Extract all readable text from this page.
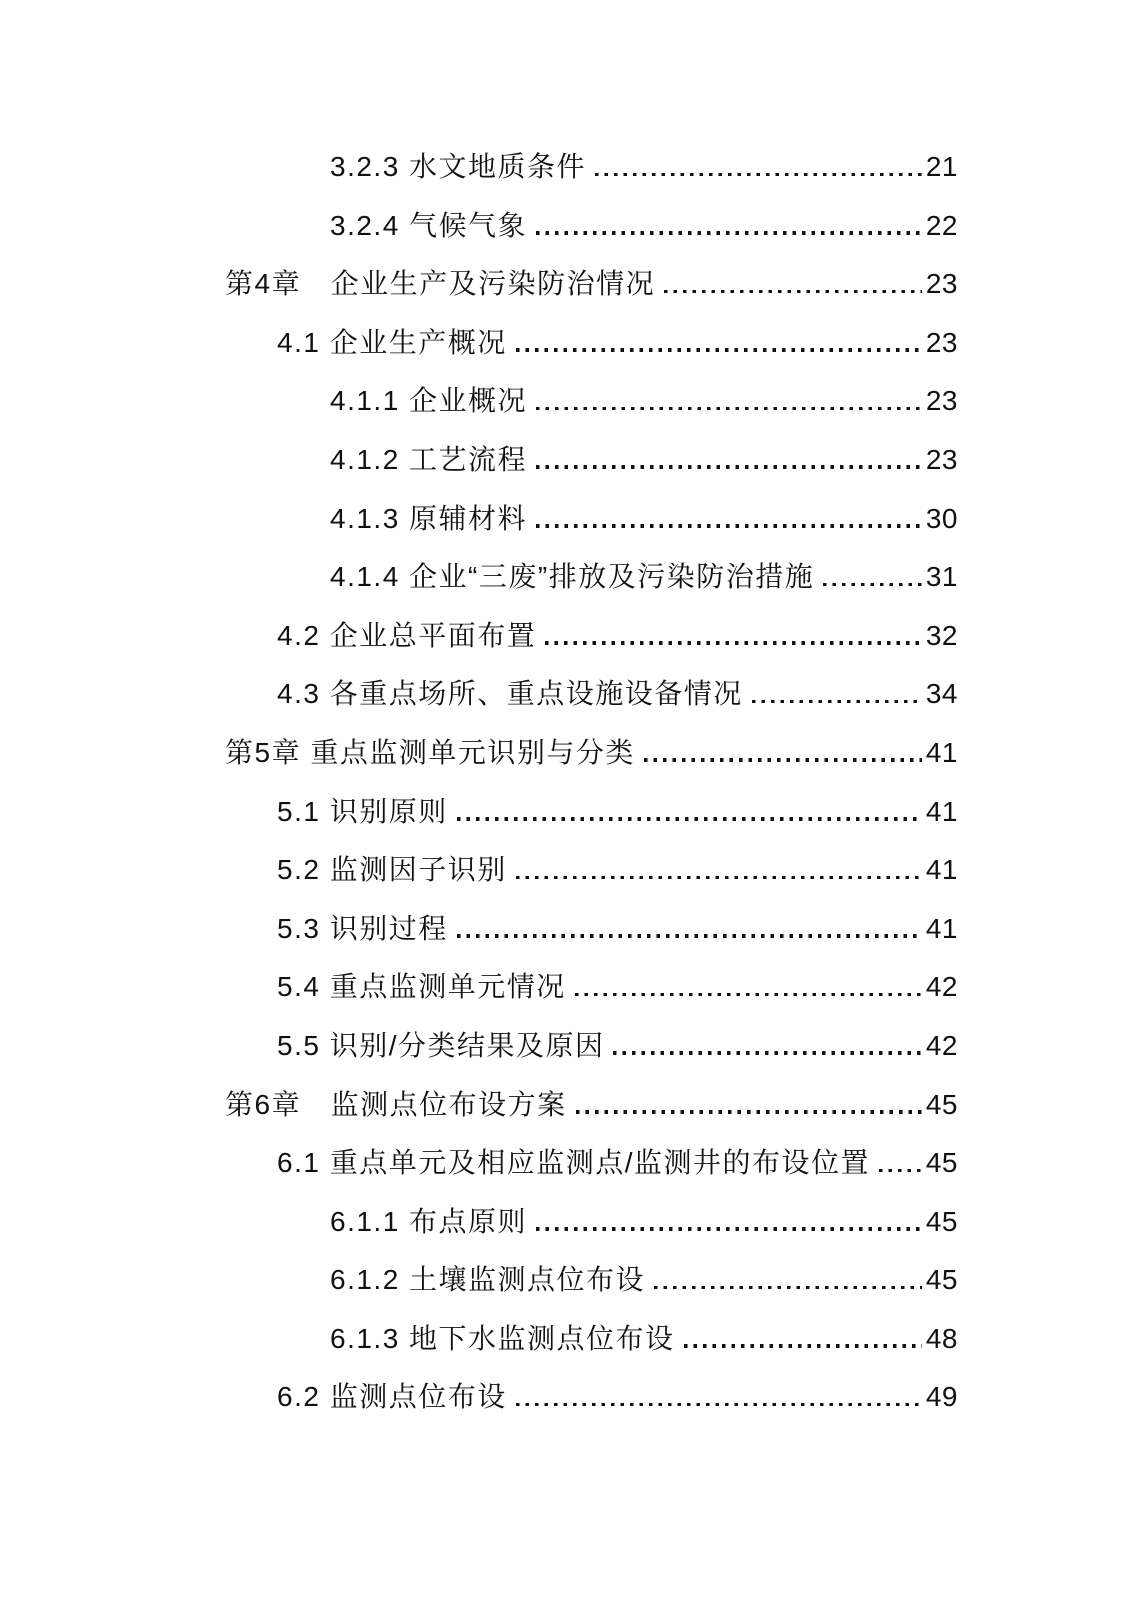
3.2.3 水文地质条件	21
3.2.4 气候气象	22
第4章　企业生产及污染防治情况	23
4.1 企业生产概况	23
4.1.1 企业概况	23
4.1.2 工艺流程	23
4.1.3 原辅材料	30
4.1.4 企业“三废”排放及污染防治措施	31
4.2 企业总平面布置	32
4.3 各重点场所、重点设施设备情况	34
第5章 重点监测单元识别与分类	41
5.1 识别原则	41
5.2 监测因子识别	41
5.3 识别过程	41
5.4 重点监测单元情况	42
5.5 识别/分类结果及原因	42
第6章　监测点位布设方案	45
6.1 重点单元及相应监测点/监测井的布设位置 45
6.1.1 布点原则	45
6.1.2 土壤监测点位布设	45
6.1.3 地下水监测点位布设	48
6.2 监测点位布设	49
